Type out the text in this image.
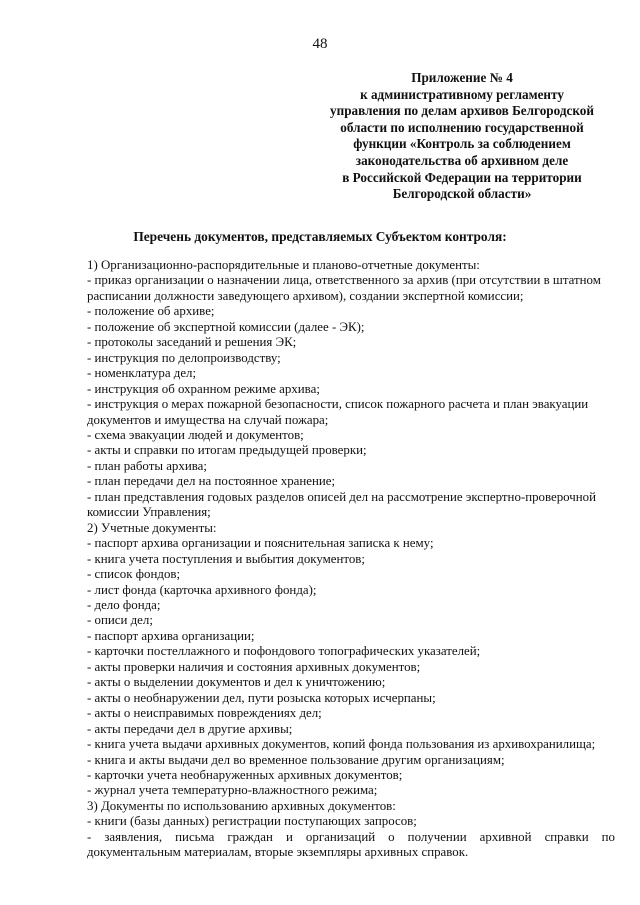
48
Приложение № 4
к административному регламенту
управления по делам архивов Белгородской
области по исполнению государственной
функции «Контроль за соблюдением
законодательства об архивном деле
в Российской Федерации на территории
Белгородской области»
Перечень документов, представляемых Субъектом контроля:
1) Организационно-распорядительные и планово-отчетные документы:
- приказ организации о назначении лица, ответственного за архив (при отсутствии в штатном
расписании должности заведующего архивом), создании экспертной комиссии;
- положение об архиве;
- положение об экспертной комиссии (далее - ЭК);
- протоколы заседаний и решения ЭК;
- инструкция по делопроизводству;
- номенклатура дел;
- инструкция об охранном режиме архива;
- инструкция о мерах пожарной безопасности, список пожарного расчета и план эвакуации
документов и имущества на случай пожара;
- схема эвакуации людей и документов;
- акты и справки по итогам предыдущей проверки;
- план работы архива;
- план передачи дел на постоянное хранение;
- план представления годовых разделов описей дел на рассмотрение экспертно-проверочной
комиссии Управления;
2) Учетные документы:
- паспорт архива организации и пояснительная записка к нему;
- книга учета поступления и выбытия документов;
- список фондов;
- лист фонда (карточка архивного фонда);
- дело фонда;
- описи дел;
- паспорт архива организации;
- карточки постеллажного и пофондового топографических указателей;
- акты проверки наличия и состояния архивных документов;
- акты о выделении документов и дел к уничтожению;
- акты о необнаружении дел, пути розыска которых исчерпаны;
- акты о неисправимых повреждениях дел;
- акты передачи дел в другие архивы;
- книга учета выдачи архивных документов, копий фонда пользования из архивохранилища;
- книга и акты выдачи дел во временное пользование другим организациям;
- карточки учета необнаруженных архивных документов;
- журнал учета температурно-влажностного режима;
3) Документы по использованию архивных документов:
- книги (базы данных) регистрации поступающих запросов;
- заявления, письма граждан и организаций о получении архивной справки по
документальным материалам, вторые экземпляры архивных справок.
